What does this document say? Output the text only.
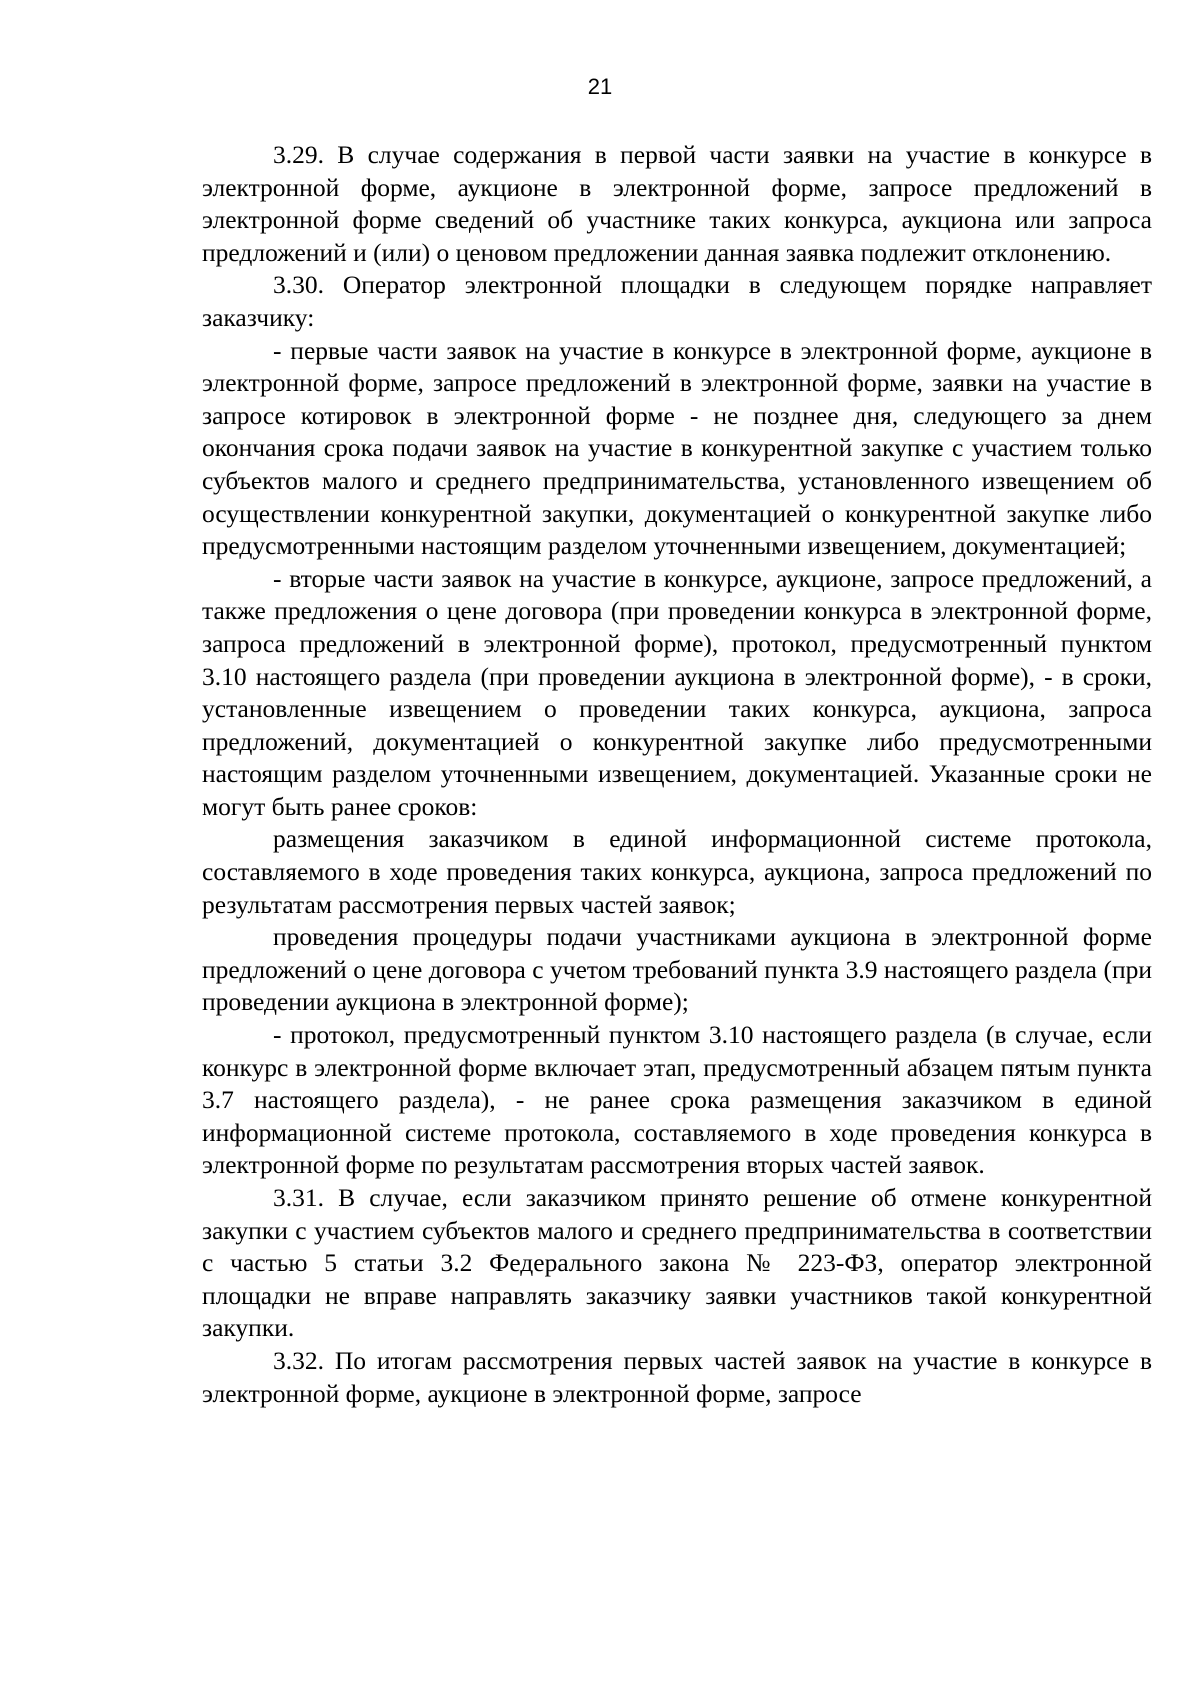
21

3.29. В случае содержания в первой части заявки на участие в конкурсе в электронной форме, аукционе в электронной форме, запросе предложений в электронной форме сведений об участнике таких конкурса, аукциона или запроса предложений и (или) о ценовом предложении данная заявка подлежит отклонению.

3.30. Оператор электронной площадки в следующем порядке направляет заказчику:

- первые части заявок на участие в конкурсе в электронной форме, аукционе в электронной форме, запросе предложений в электронной форме, заявки на участие в запросе котировок в электронной форме - не позднее дня, следующего за днем окончания срока подачи заявок на участие в конкурентной закупке с участием только субъектов малого и среднего предпринимательства, установленного извещением об осуществлении конкурентной закупки, документацией о конкурентной закупке либо предусмотренными настоящим разделом уточненными извещением, документацией;

- вторые части заявок на участие в конкурсе, аукционе, запросе предложений, а также предложения о цене договора (при проведении конкурса в электронной форме, запроса предложений в электронной форме), протокол, предусмотренный пунктом 3.10 настоящего раздела (при проведении аукциона в электронной форме), - в сроки, установленные извещением о проведении таких конкурса, аукциона, запроса предложений, документацией о конкурентной закупке либо предусмотренными настоящим разделом уточненными извещением, документацией. Указанные сроки не могут быть ранее сроков:

размещения заказчиком в единой информационной системе протокола, составляемого в ходе проведения таких конкурса, аукциона, запроса предложений по результатам рассмотрения первых частей заявок;

проведения процедуры подачи участниками аукциона в электронной форме предложений о цене договора с учетом требований пункта 3.9 настоящего раздела (при проведении аукциона в электронной форме);

- протокол, предусмотренный пунктом 3.10 настоящего раздела (в случае, если конкурс в электронной форме включает этап, предусмотренный абзацем пятым пункта 3.7 настоящего раздела), - не ранее срока размещения заказчиком в единой информационной системе протокола, составляемого в ходе проведения конкурса в электронной форме по результатам рассмотрения вторых частей заявок.

3.31. В случае, если заказчиком принято решение об отмене конкурентной закупки с участием субъектов малого и среднего предпринимательства в соответствии с частью 5 статьи 3.2 Федерального закона № 223-ФЗ, оператор электронной площадки не вправе направлять заказчику заявки участников такой конкурентной закупки.

3.32. По итогам рассмотрения первых частей заявок на участие в конкурсе в электронной форме, аукционе в электронной форме, запросе
